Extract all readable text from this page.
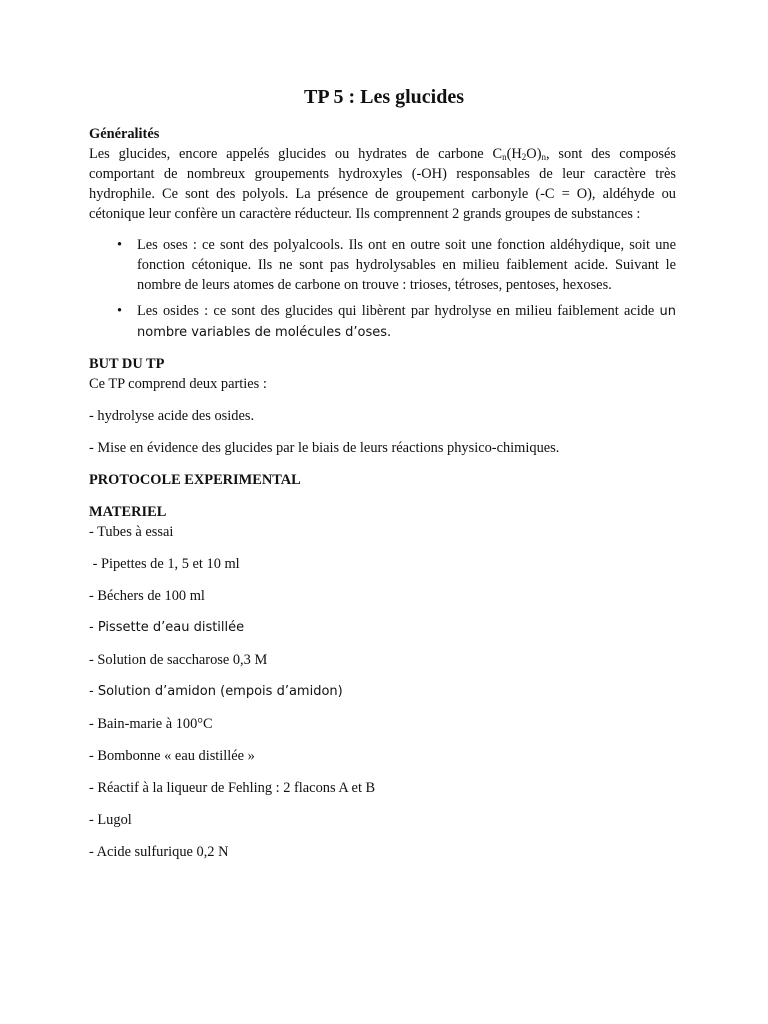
TP 5 : Les glucides

Généralités

Les glucides, encore appelés glucides ou hydrates de carbone $C_n(H_2O)_n$, sont des composés comportant de nombreux groupements hydroxyles (-OH) responsables de leur caractère très hydrophile. Ce sont des polyols. La présence de groupement carbonyle (-C = O), aldéhyde ou cétonique leur confère un caractère réducteur. Ils comprennent 2 grands groupes de substances :

• Les oses : ce sont des polyalcools. Ils ont en outre soit une fonction aldéhydique, soit une fonction cétonique. Ils ne sont pas hydrolysables en milieu faiblement acide. Suivant le nombre de leurs atomes de carbone on trouve : trioses, tétroses, pentoses, hexoses.
• Les osides : ce sont des glucides qui libèrent par hydrolyse en milieu faiblement acide un nombre variables de molécules d’oses.

BUT DU TP

Ce TP comprend deux parties :

- hydrolyse acide des osides.

- Mise en évidence des glucides par le biais de leurs réactions physico-chimiques.

PROTOCOLE EXPERIMENTAL

MATERIEL

- Tubes à essai

- Pipettes de 1, 5 et 10 ml

- Béchers de 100 ml

- Pissette d’eau distillée

- Solution de saccharose 0,3 M

- Solution d’amidon (empois d’amidon)

- Bain-marie à 100°C

- Bombonne « eau distillée »

- Réactif à la liqueur de Fehling : 2 flacons A et B

- Lugol

- Acide sulfurique 0,2 N
